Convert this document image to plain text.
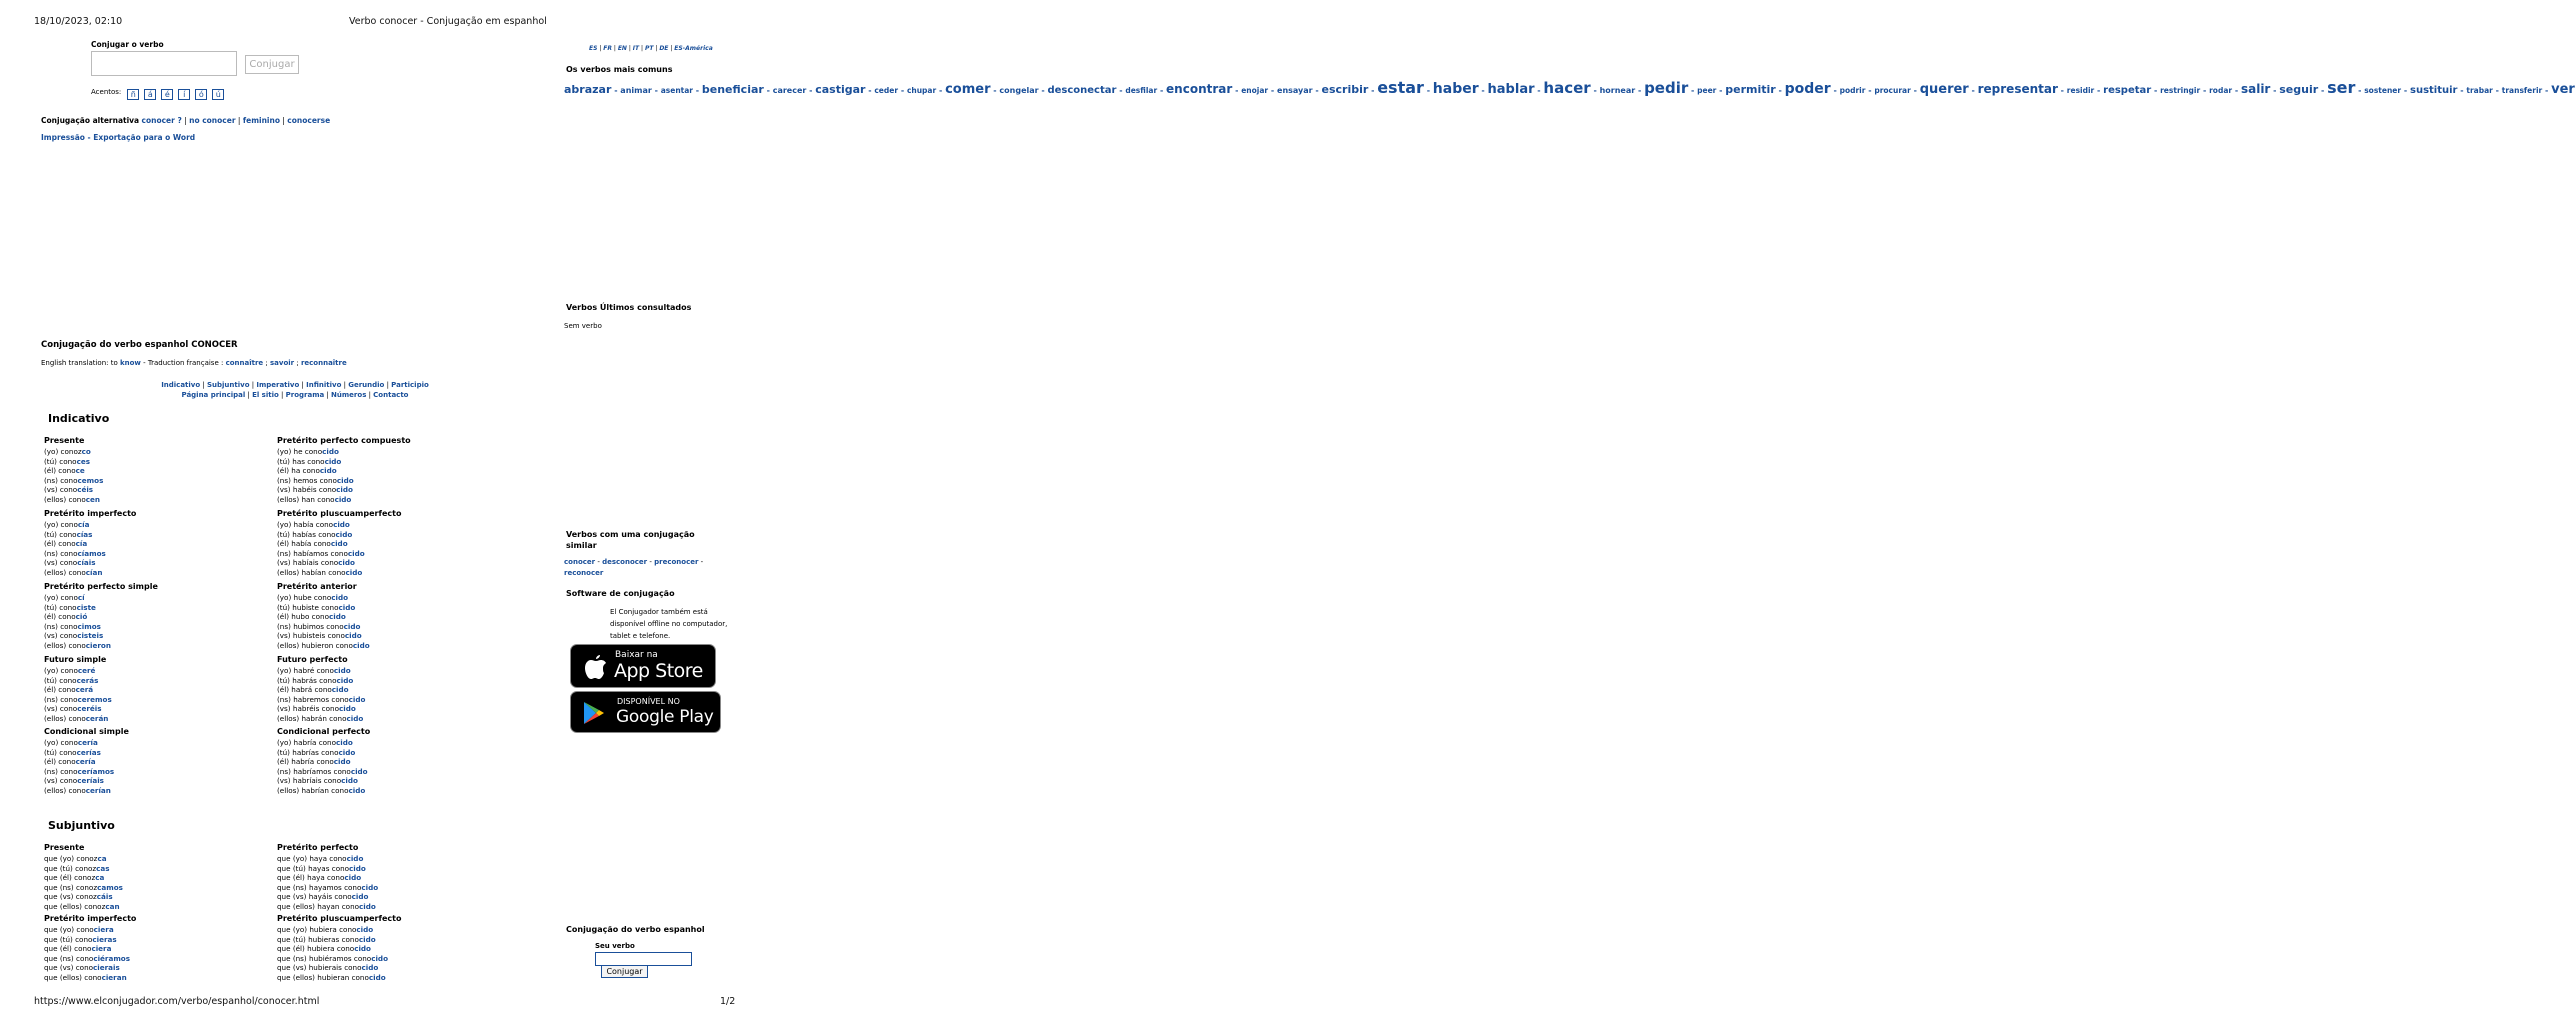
18/10/2023, 02:10	Verbo conocer - Conjugação em espanhol
https://www.elconjugador.com/verbo/espanhol/conocer.html	1/2
Conjugar o verbo
Conjugar
Acentos:	ñ á é í ó ú
Conjugação alternativa conocer ? | no conocer | feminino | conocerse
Impressão - Exportação para o Word
ES | FR | EN | IT | PT | DE | ES-América
Os verbos mais comuns
abrazar - animar - asentar - beneficiar - carecer - castigar - ceder - chupar - comer - congelar - desconectar - desfilar - encontrar - enojar - ensayar - escribir - estar - haber - hablar - hacer - hornear - pedir - peer - permitir - poder - podrir - procurar - querer - representar - residir - respetar - restringir - rodar - salir - seguir - ser - sostener - sustituir - trabar - transferir - ver
Verbos Últimos consultados
Sem verbo
Conjugação do verbo espanhol CONOCER
English translation: to know - Traduction française : connaître ; savoir ; reconnaître
Indicativo | Subjuntivo | Imperativo | Infinitivo | Gerundio | Participio
Página principal | El sitio | Programa | Números | Contacto
Indicativo
Subjuntivo
Presente
(yo) conozco
(tú) conoces
(él) conoce
(ns) conocemos
(vs) conocéis
(ellos) conocen
Pretérito perfecto compuesto
(yo) he conocido
(tú) has conocido
(él) ha conocido
(ns) hemos conocido
(vs) habéis conocido
(ellos) han conocido
Pretérito imperfecto
(yo) conocía
(tú) conocías
(él) conocía
(ns) conocíamos
(vs) conocíais
(ellos) conocían
Pretérito pluscuamperfecto
(yo) había conocido
(tú) habías conocido
(él) había conocido
(ns) habíamos conocido
(vs) habíais conocido
(ellos) habían conocido
Pretérito perfecto simple
(yo) conocí
(tú) conociste
(él) conoció
(ns) conocimos
(vs) conocisteis
(ellos) conocieron
Pretérito anterior
(yo) hube conocido
(tú) hubiste conocido
(él) hubo conocido
(ns) hubimos conocido
(vs) hubisteis conocido
(ellos) hubieron conocido
Futuro simple
(yo) conoceré
(tú) conocerás
(él) conocerá
(ns) conoceremos
(vs) conoceréis
(ellos) conocerán
Futuro perfecto
(yo) habré conocido
(tú) habrás conocido
(él) habrá conocido
(ns) habremos conocido
(vs) habréis conocido
(ellos) habrán conocido
Condicional simple
(yo) conocería
(tú) conocerías
(él) conocería
(ns) conoceríamos
(vs) conoceríais
(ellos) conocerían
Condicional perfecto
(yo) habría conocido
(tú) habrías conocido
(él) habría conocido
(ns) habríamos conocido
(vs) habríais conocido
(ellos) habrían conocido
Presente
que (yo) conozca
que (tú) conozcas
que (él) conozca
que (ns) conozcamos
que (vs) conozcáis
que (ellos) conozcan
Pretérito perfecto
que (yo) haya conocido
que (tú) hayas conocido
que (él) haya conocido
que (ns) hayamos conocido
que (vs) hayáis conocido
que (ellos) hayan conocido
Pretérito imperfecto
que (yo) conociera
que (tú) conocieras
que (él) conociera
que (ns) conociéramos
que (vs) conocierais
que (ellos) conocieran
Pretérito pluscuamperfecto
que (yo) hubiera conocido
que (tú) hubieras conocido
que (él) hubiera conocido
que (ns) hubiéramos conocido
que (vs) hubierais conocido
que (ellos) hubieran conocido
Verbos com uma conjugação similar
conocer - desconocer - preconocer - reconocer
Software de conjugação
El Conjugador também está disponível offline no computador, tablet e telefone.
Baixar na
App Store
DISPONÍVEL NO
Google Play
Conjugação do verbo espanhol
Seu verbo
Conjugar
